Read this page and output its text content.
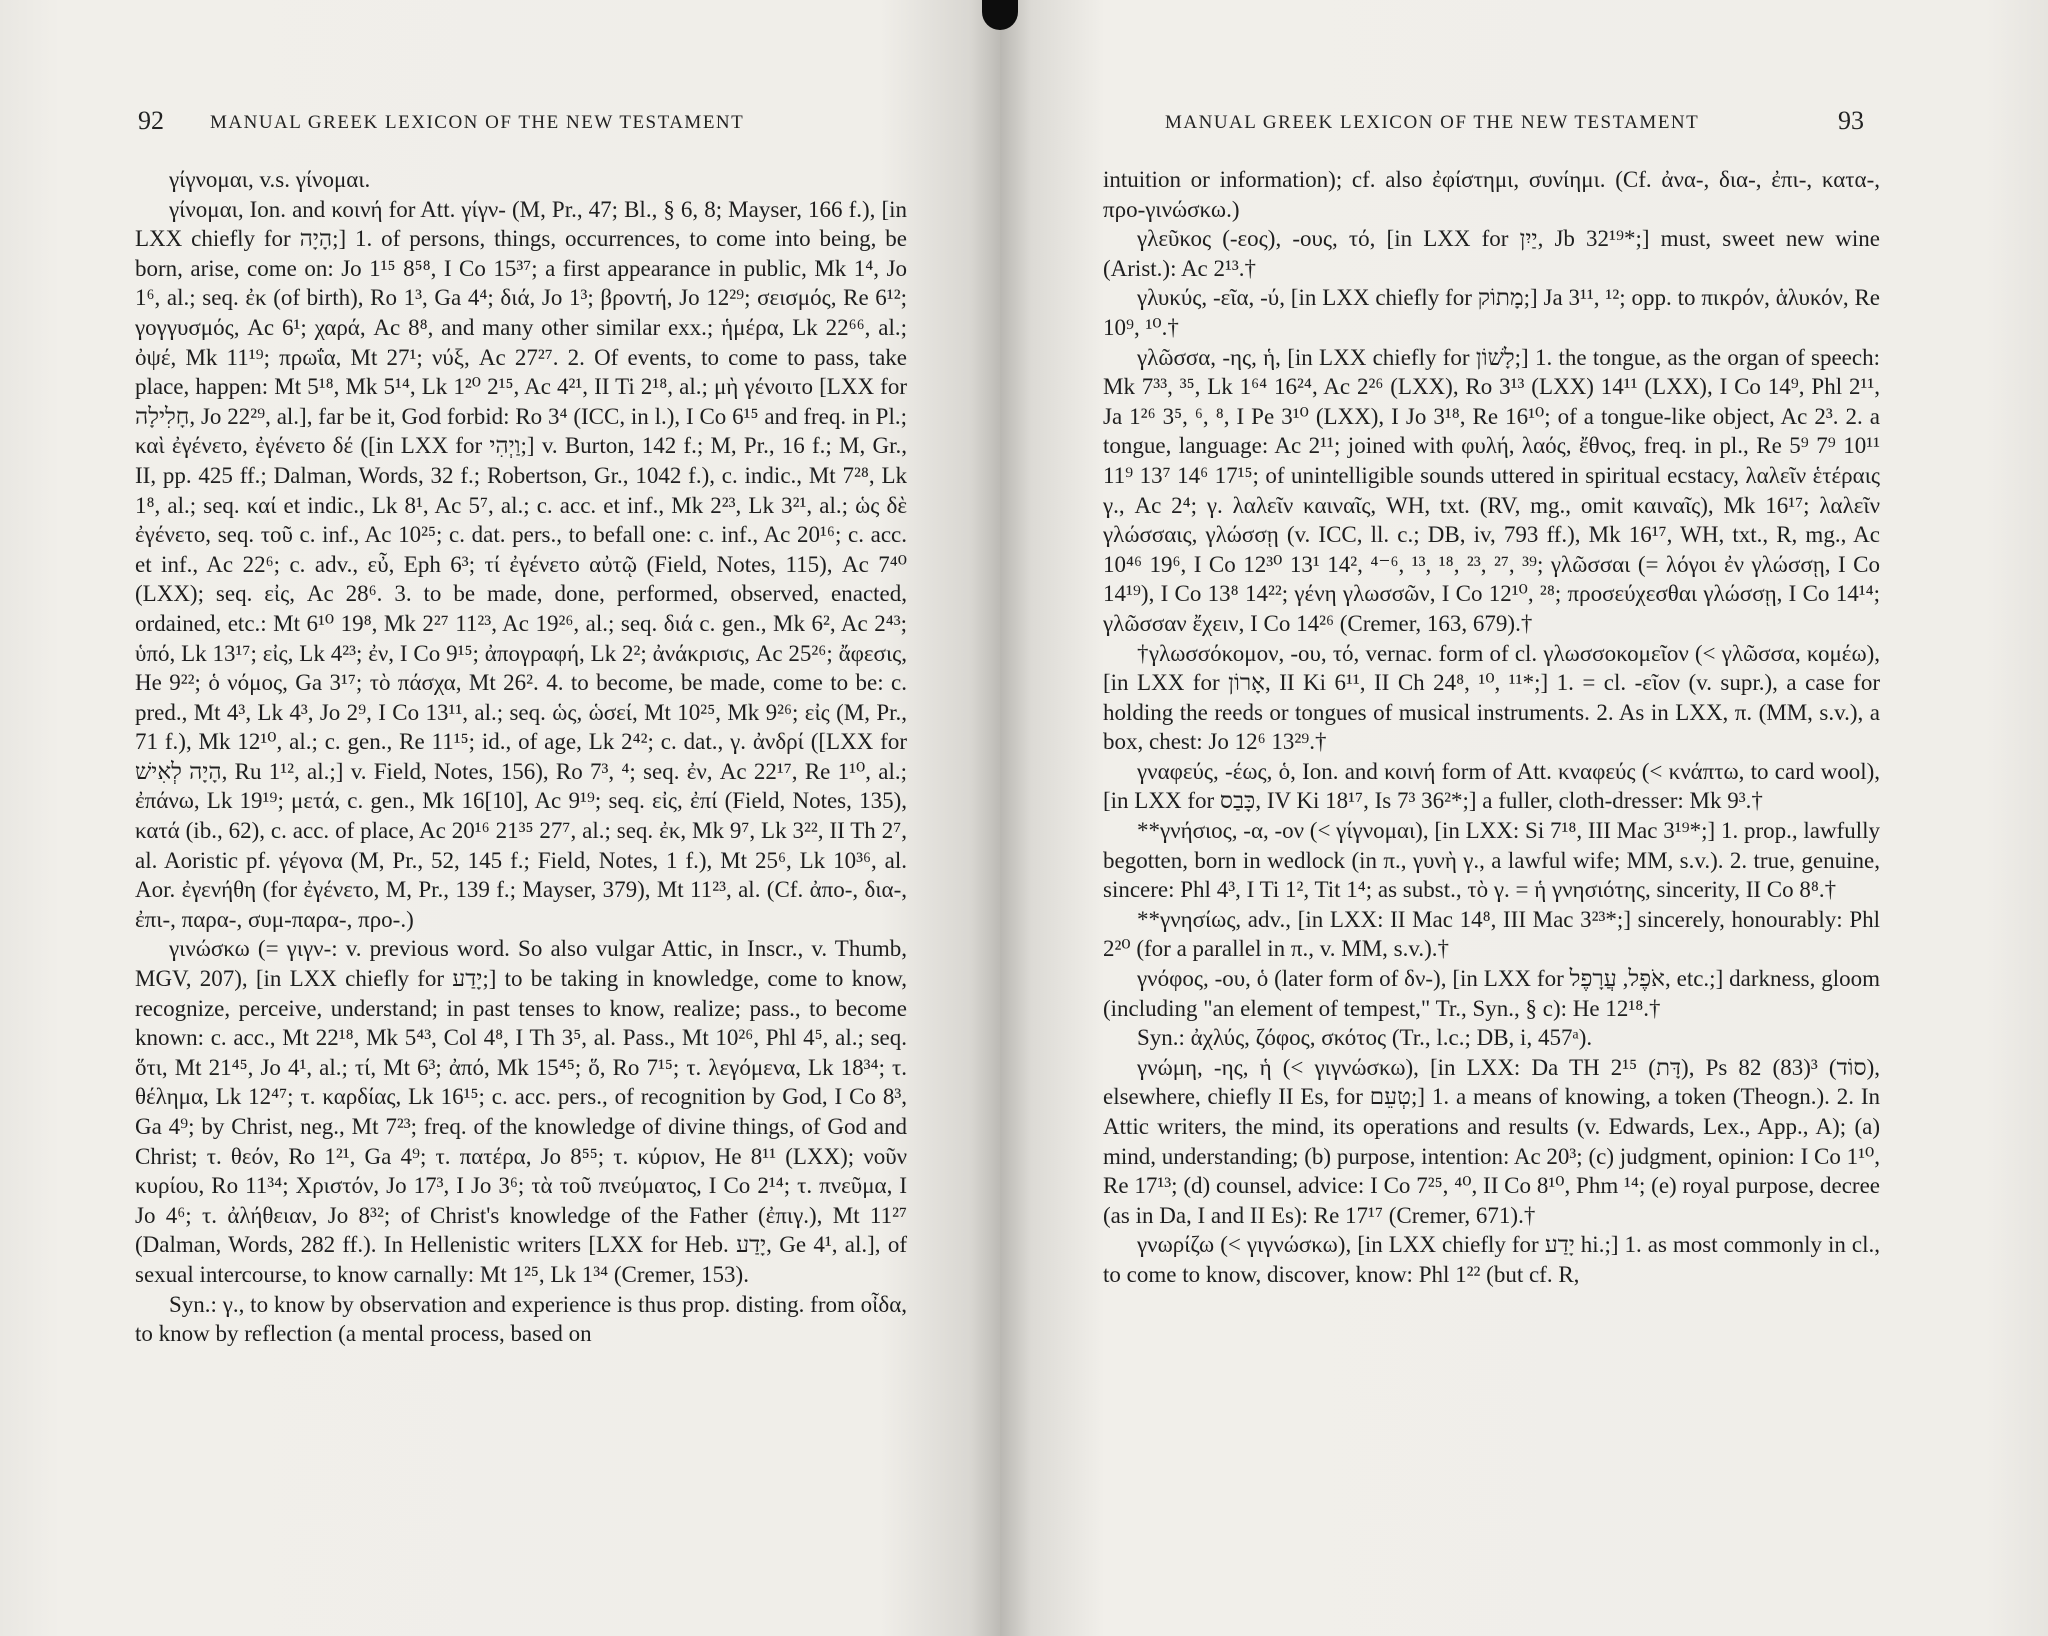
92 MANUAL GREEK LEXICON OF THE NEW TESTAMENT

γίγνομαι, v.s. γίνομαι.

γίνομαι, Ion. and κοινή for Att. γίγν- (M, Pr., 47; Bl., § 6, 8; Mayser, 166 f.), [in LXX chiefly for הָיָה;] 1. of persons, things, occurrences, to come into being, be born, arise, come on: Jo 1¹⁵ 8⁵⁸, I Co 15³⁷; a first appearance in public, Mk 1⁴, Jo 1⁶, al.; seq. ἐκ (of birth), Ro 1³, Ga 4⁴; διά, Jo 1³; βροντή, Jo 12²⁹; σεισμός, Re 6¹²; γογγυσμός, Ac 6¹; χαρά, Ac 8⁸, and many other similar exx.; ἡμέρα, Lk 22⁶⁶, al.; ὀψέ, Mk 11¹⁹; πρωΐα, Mt 27¹; νύξ, Ac 27²⁷. 2. Of events, to come to pass, take place, happen: Mt 5¹⁸, Mk 5¹⁴, Lk 1²⁰ 2¹⁵, Ac 4²¹, II Ti 2¹⁸, al.; μὴ γένοιτο [LXX for חָלִילָה, Jo 22²⁹, al.], far be it, God forbid: Ro 3⁴ (ICC, in l.), I Co 6¹⁵ and freq. in Pl.; καὶ ἐγένετο, ἐγένετο δέ ([in LXX for וַיְהִי;] v. Burton, 142 f.; M, Pr., 16 f.; M, Gr., II, pp. 425 ff.; Dalman, Words, 32 f.; Robertson, Gr., 1042 f.), c. indic., Mt 7²⁸, Lk 1⁸, al.; seq. καί et indic., Lk 8¹, Ac 5⁷, al.; c. acc. et inf., Mk 2²³, Lk 3²¹, al.; ὡς δὲ ἐγένετο, seq. τοῦ c. inf., Ac 10²⁵; c. dat. pers., to befall one: c. inf., Ac 20¹⁶; c. acc. et inf., Ac 22⁶; c. adv., εὖ, Eph 6³; τί ἐγένετο αὐτῷ (Field, Notes, 115), Ac 7⁴⁰ (LXX); seq. εἰς, Ac 28⁶. 3. to be made, done, performed, observed, enacted, ordained, etc.: Mt 6¹⁰ 19⁸, Mk 2²⁷ 11²³, Ac 19²⁶, al.; seq. διά c. gen., Mk 6², Ac 2⁴³; ὑπό, Lk 13¹⁷; εἰς, Lk 4²³; ἐν, I Co 9¹⁵; ἀπογραφή, Lk 2²; ἀνάκρισις, Ac 25²⁶; ἄφεσις, He 9²²; ὁ νόμος, Ga 3¹⁷; τὸ πάσχα, Mt 26². 4. to become, be made, come to be: c. pred., Mt 4³, Lk 4³, Jo 2⁹, I Co 13¹¹, al.; seq. ὡς, ὡσεί, Mt 10²⁵, Mk 9²⁶; εἰς (M, Pr., 71 f.), Mk 12¹⁰, al.; c. gen., Re 11¹⁵; id., of age, Lk 2⁴²; c. dat., γ. ἀνδρί ([LXX for הָיָה לְאִישׁ, Ru 1¹², al.;] v. Field, Notes, 156), Ro 7³, ⁴; seq. ἐν, Ac 22¹⁷, Re 1¹⁰, al.; ἐπάνω, Lk 19¹⁹; μετά, c. gen., Mk 16[10], Ac 9¹⁹; seq. εἰς, ἐπί (Field, Notes, 135), κατά (ib., 62), c. acc. of place, Ac 20¹⁶ 21³⁵ 27⁷, al.; seq. ἐκ, Mk 9⁷, Lk 3²², II Th 2⁷, al. Aoristic pf. γέγονα (M, Pr., 52, 145 f.; Field, Notes, 1 f.), Mt 25⁶, Lk 10³⁶, al. Aor. ἐγενήθη (for ἐγένετο, M, Pr., 139 f.; Mayser, 379), Mt 11²³, al. (Cf. ἀπο-, δια-, ἐπι-, παρα-, συμ-παρα-, προ-.)

γινώσκω (= γιγν-: v. previous word. So also vulgar Attic, in Inscr., v. Thumb, MGV, 207), [in LXX chiefly for יָדַע;] to be taking in knowledge, come to know, recognize, perceive, understand; in past tenses to know, realize; pass., to become known: c. acc., Mt 22¹⁸, Mk 5⁴³, Col 4⁸, I Th 3⁵, al. Pass., Mt 10²⁶, Phl 4⁵, al.; seq. ὅτι, Mt 21⁴⁵, Jo 4¹, al.; τί, Mt 6³; ἀπό, Mk 15⁴⁵; ὅ, Ro 7¹⁵; τ. λεγόμενα, Lk 18³⁴; τ. θέλημα, Lk 12⁴⁷; τ. καρδίας, Lk 16¹⁵; c. acc. pers., of recognition by God, I Co 8³, Ga 4⁹; by Christ, neg., Mt 7²³; freq. of the knowledge of divine things, of God and Christ; τ. θεόν, Ro 1²¹, Ga 4⁹; τ. πατέρα, Jo 8⁵⁵; τ. κύριον, He 8¹¹ (LXX); νοῦν κυρίου, Ro 11³⁴; Χριστόν, Jo 17³, I Jo 3⁶; τὰ τοῦ πνεύματος, I Co 2¹⁴; τ. πνεῦμα, I Jo 4⁶; τ. ἀλήθειαν, Jo 8³²; of Christ's knowledge of the Father (ἐπιγ.), Mt 11²⁷ (Dalman, Words, 282 ff.). In Hellenistic writers [LXX for Heb. יָדַע, Ge 4¹, al.], of sexual intercourse, to know carnally: Mt 1²⁵, Lk 1³⁴ (Cremer, 153).

Syn.: γ., to know by observation and experience is thus prop. disting. from οἶδα, to know by reflection (a mental process, based on

MANUAL GREEK LEXICON OF THE NEW TESTAMENT	93

intuition or information); cf. also ἐφίστημι, συνίημι. (Cf. ἀνα-, δια-, ἐπι-, κατα-, προ-γινώσκω.)

γλεῦκος (-εος), -ους, τό, [in LXX for יַיִן, Jb 32¹⁹*;] must, sweet new wine (Arist.): Ac 2¹³.†

γλυκύς, -εῖα, -ύ, [in LXX chiefly for מָתוֹק;] Ja 3¹¹, ¹²; opp. to πικρόν, ἁλυκόν, Re 10⁹, ¹⁰.†

γλῶσσα, -ης, ἡ, [in LXX chiefly for לָשׁוֹן;] 1. the tongue, as the organ of speech: Mk 7³³, ³⁵, Lk 1⁶⁴ 16²⁴, Ac 2²⁶ (LXX), Ro 3¹³ (LXX) 14¹¹ (LXX), I Co 14⁹, Phl 2¹¹, Ja 1²⁶ 3⁵, ⁶, ⁸, I Pe 3¹⁰ (LXX), I Jo 3¹⁸, Re 16¹⁰; of a tongue-like object, Ac 2³. 2. a tongue, language: Ac 2¹¹; joined with φυλή, λαός, ἔθνος, freq. in pl., Re 5⁹ 7⁹ 10¹¹ 11⁹ 13⁷ 14⁶ 17¹⁵; of unintelligible sounds uttered in spiritual ecstacy, λαλεῖν ἑτέραις γ., Ac 2⁴; γ. λαλεῖν καιναῖς, WH, txt. (RV, mg., omit καιναῖς), Mk 16¹⁷; λαλεῖν γλώσσαις, γλώσσῃ (v. ICC, ll. c.; DB, iv, 793 ff.), Mk 16¹⁷, WH, txt., R, mg., Ac 10⁴⁶ 19⁶, I Co 12³⁰ 13¹ 14², ⁴⁻⁶, ¹³, ¹⁸, ²³, ²⁷, ³⁹; γλῶσσαι (= λόγοι ἐν γλώσσῃ, I Co 14¹⁹), I Co 13⁸ 14²²; γένη γλωσσῶν, I Co 12¹⁰, ²⁸; προσεύχεσθαι γλώσσῃ, I Co 14¹⁴; γλῶσσαν ἔχειν, I Co 14²⁶ (Cremer, 163, 679).†

†γλωσσόκομον, -ου, τό, vernac. form of cl. γλωσσοκομεῖον (< γλῶσσα, κομέω), [in LXX for אָרוֹן, II Ki 6¹¹, II Ch 24⁸, ¹⁰, ¹¹*;] 1. = cl. -εῖον (v. supr.), a case for holding the reeds or tongues of musical instruments. 2. As in LXX, π. (MM, s.v.), a box, chest: Jo 12⁶ 13²⁹.†

γναφεύς, -έως, ὁ, Ion. and κοινή form of Att. κναφεύς (< κνάπτω, to card wool), [in LXX for כָּבַס, IV Ki 18¹⁷, Is 7³ 36²*;] a fuller, cloth-dresser: Mk 9³.†

**γνήσιος, -α, -ον (< γίγνομαι), [in LXX: Si 7¹⁸, III Mac 3¹⁹*;] 1. prop., lawfully begotten, born in wedlock (in π., γυνὴ γ., a lawful wife; MM, s.v.). 2. true, genuine, sincere: Phl 4³, I Ti 1², Tit 1⁴; as subst., τὸ γ. = ἡ γνησιότης, sincerity, II Co 8⁸.†

**γνησίως, adv., [in LXX: II Mac 14⁸, III Mac 3²³*;] sincerely, honourably: Phl 2²⁰ (for a parallel in π., v. MM, s.v.).†

γνόφος, -ου, ὁ (later form of δν-), [in LXX for אֹפֶל, עֲרָפֶל, etc.;] darkness, gloom (including "an element of tempest," Tr., Syn., § c): He 12¹⁸.†

Syn.: ἀχλύς, ζόφος, σκότος (Tr., l.c.; DB, i, 457ᵃ).

γνώμη, -ης, ἡ (< γιγνώσκω), [in LXX: Da TH 2¹⁵ (דָּת), Ps 82 (83)³ (סוֹד), elsewhere, chiefly II Es, for טְעֵם;] 1. a means of knowing, a token (Theogn.). 2. In Attic writers, the mind, its operations and results (v. Edwards, Lex., App., A); (a) mind, understanding; (b) purpose, intention: Ac 20³; (c) judgment, opinion: I Co 1¹⁰, Re 17¹³; (d) counsel, advice: I Co 7²⁵, ⁴⁰, II Co 8¹⁰, Phm ¹⁴; (e) royal purpose, decree (as in Da, I and II Es): Re 17¹⁷ (Cremer, 671).†

γνωρίζω (< γιγνώσκω), [in LXX chiefly for יָדַע hi.;] 1. as most commonly in cl., to come to know, discover, know: Phl 1²² (but cf. R,
